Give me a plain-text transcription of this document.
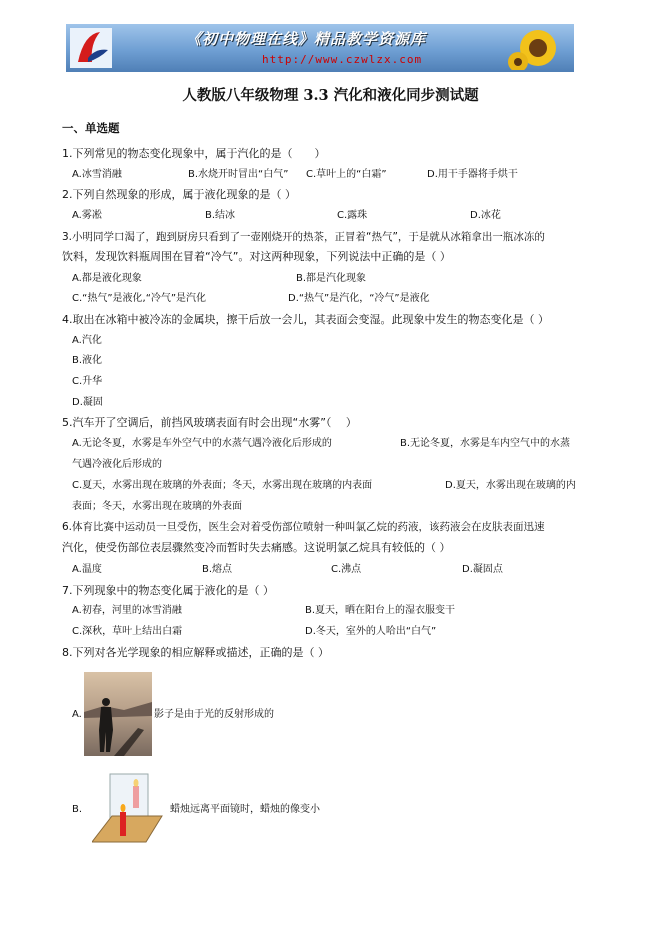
《初中物理在线》精品教学资源库
http://www.czwlzx.com
人教版八年级物理 3.3 汽化和液化同步测试题
一、单选题
1.下列常见的物态变化现象中，属于汽化的是（　　）
A.冰雪消融	B.水烧开时冒出“白气” C.草叶上的“白霜”	D.用干手器将手烘干
2.下列自然现象的形成，属于液化现象的是（ ）
A.雾凇	B.结冰	C.露珠	D.冰花
3.小明同学口渴了，跑到厨房只看到了一壶刚烧开的热茶，正冒着“热气”，于是就从冰箱拿出一瓶冰冻的
饮料，发现饮料瓶周围在冒着“冷气”。对这两种现象，下列说法中正确的是（ ）
A.都是液化现象	B.都是汽化现象
C.“热气”是液化,“冷气”是汽化	D.“热气”是汽化，“冷气”是液化
4.取出在冰箱中被冷冻的金属块，擦干后放一会儿，其表面会变湿。此现象中发生的物态变化是（ ）
A.汽化
B.液化
C.升华
D.凝固
5.汽车开了空调后，前挡风玻璃表面有时会出现“水雾”（　 ）
A.无论冬夏，水雾是车外空气中的水蒸气遇冷液化后形成的	B.无论冬夏，水雾是车内空气中的水蒸
气遇冷液化后形成的
C.夏天，水雾出现在玻璃的外表面；冬天，水雾出现在玻璃的内表面	D.夏天，水雾出现在玻璃的内
表面；冬天，水雾出现在玻璃的外表面
6.体育比赛中运动员一旦受伤，医生会对着受伤部位喷射一种叫氯乙烷的药液，该药液会在皮肤表面迅速
汽化，使受伤部位表层骤然变冷而暂时失去痛感。这说明氯乙烷具有较低的（ ）
A.温度	B.熔点	C.沸点	D.凝固点
7.下列现象中的物态变化属于液化的是（ ）
A.初春，河里的冰雪消融	B.夏天，晒在阳台上的湿衣服变干
C.深秋，草叶上结出白霜	D.冬天，室外的人哈出“白气”
8.下列对各光学现象的相应解释或描述，正确的是（ ）
A.	影子是由于光的反射形成的
B.	蜡烛远离平面镜时，蜡烛的像变小
